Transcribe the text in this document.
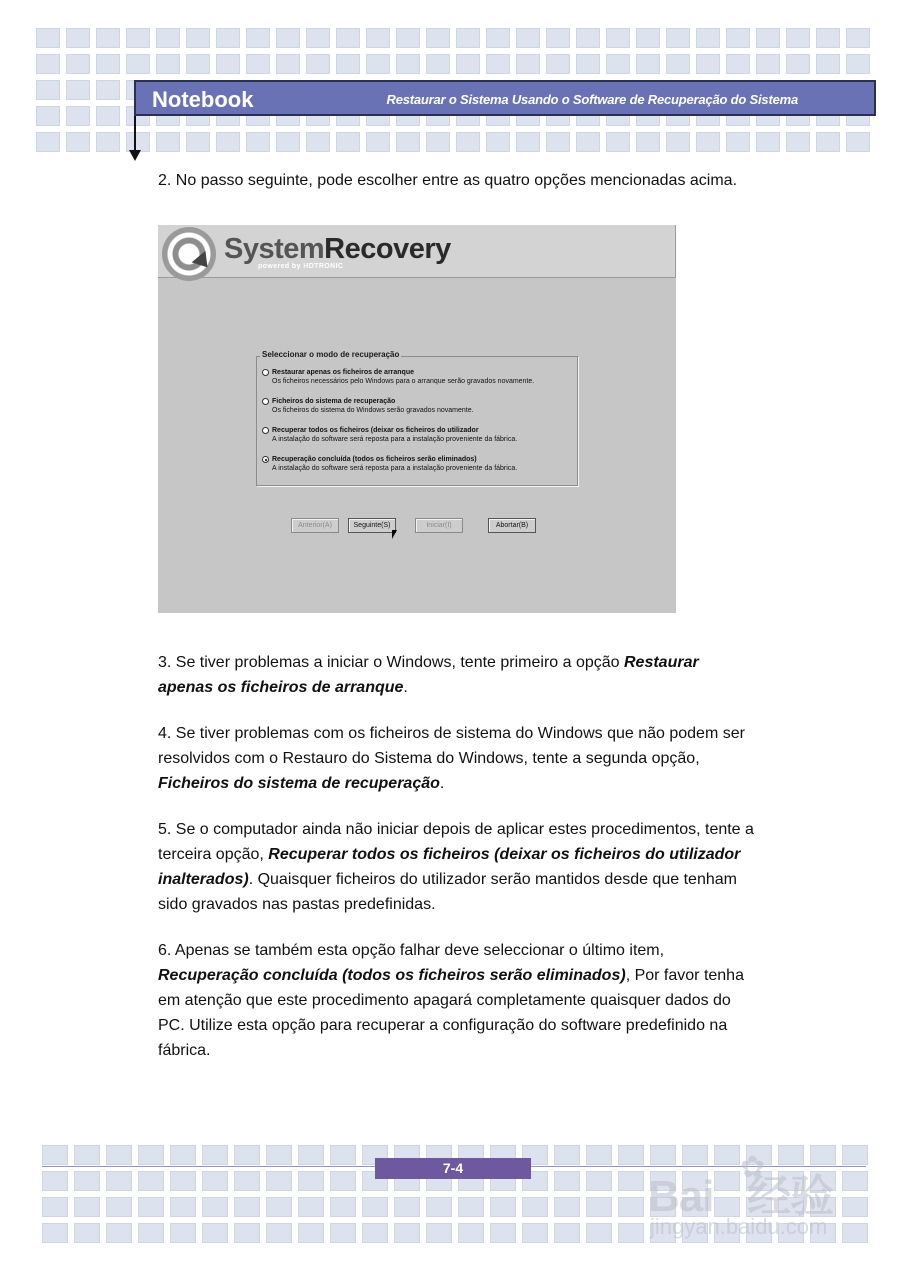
Notebook	Restaurar o Sistema Usando o Software de Recuperação do Sistema
2. No passo seguinte, pode escolher entre as quatro opções mencionadas acima.
SystemRecovery
powered by HDTRONIC
Seleccionar o modo de recuperação
Restaurar apenas os ficheiros de arranque
Os ficheiros necessários pelo Windows para o arranque serão gravados novamente.
Ficheiros do sistema de recuperação
Os ficheiros do sistema do Windows serão gravados novamente.
Recuperar todos os ficheiros (deixar os ficheiros do utilizador
A instalação do software será reposta para a instalação proveniente da fábrica.
Recuperação concluída (todos os ficheiros serão eliminados)
A instalação do software será reposta para a instalação proveniente da fábrica.
Anterior(A)	Seguinte(S)	Iniciar(I)	Abortar(B)
3. Se tiver problemas a iniciar o Windows, tente primeiro a opção Restaurar apenas os ficheiros de arranque.
4. Se tiver problemas com os ficheiros de sistema do Windows que não podem ser resolvidos com o Restauro do Sistema do Windows, tente a segunda opção, Ficheiros do sistema de recuperação.
5. Se o computador ainda não iniciar depois de aplicar estes procedimentos, tente a terceira opção, Recuperar todos os ficheiros (deixar os ficheiros do utilizador inalterados). Quaisquer ficheiros do utilizador serão mantidos desde que tenham sido gravados nas pastas predefinidas.
6. Apenas se também esta opção falhar deve seleccionar o último item, Recuperação concluída (todos os ficheiros serão eliminados), Por favor tenha em atenção que este procedimento apagará completamente quaisquer dados do PC. Utilize esta opção para recuperar a configuração do software predefinido na fábrica.
7-4
Bai 经验
✿
jingyan.baidu.com
